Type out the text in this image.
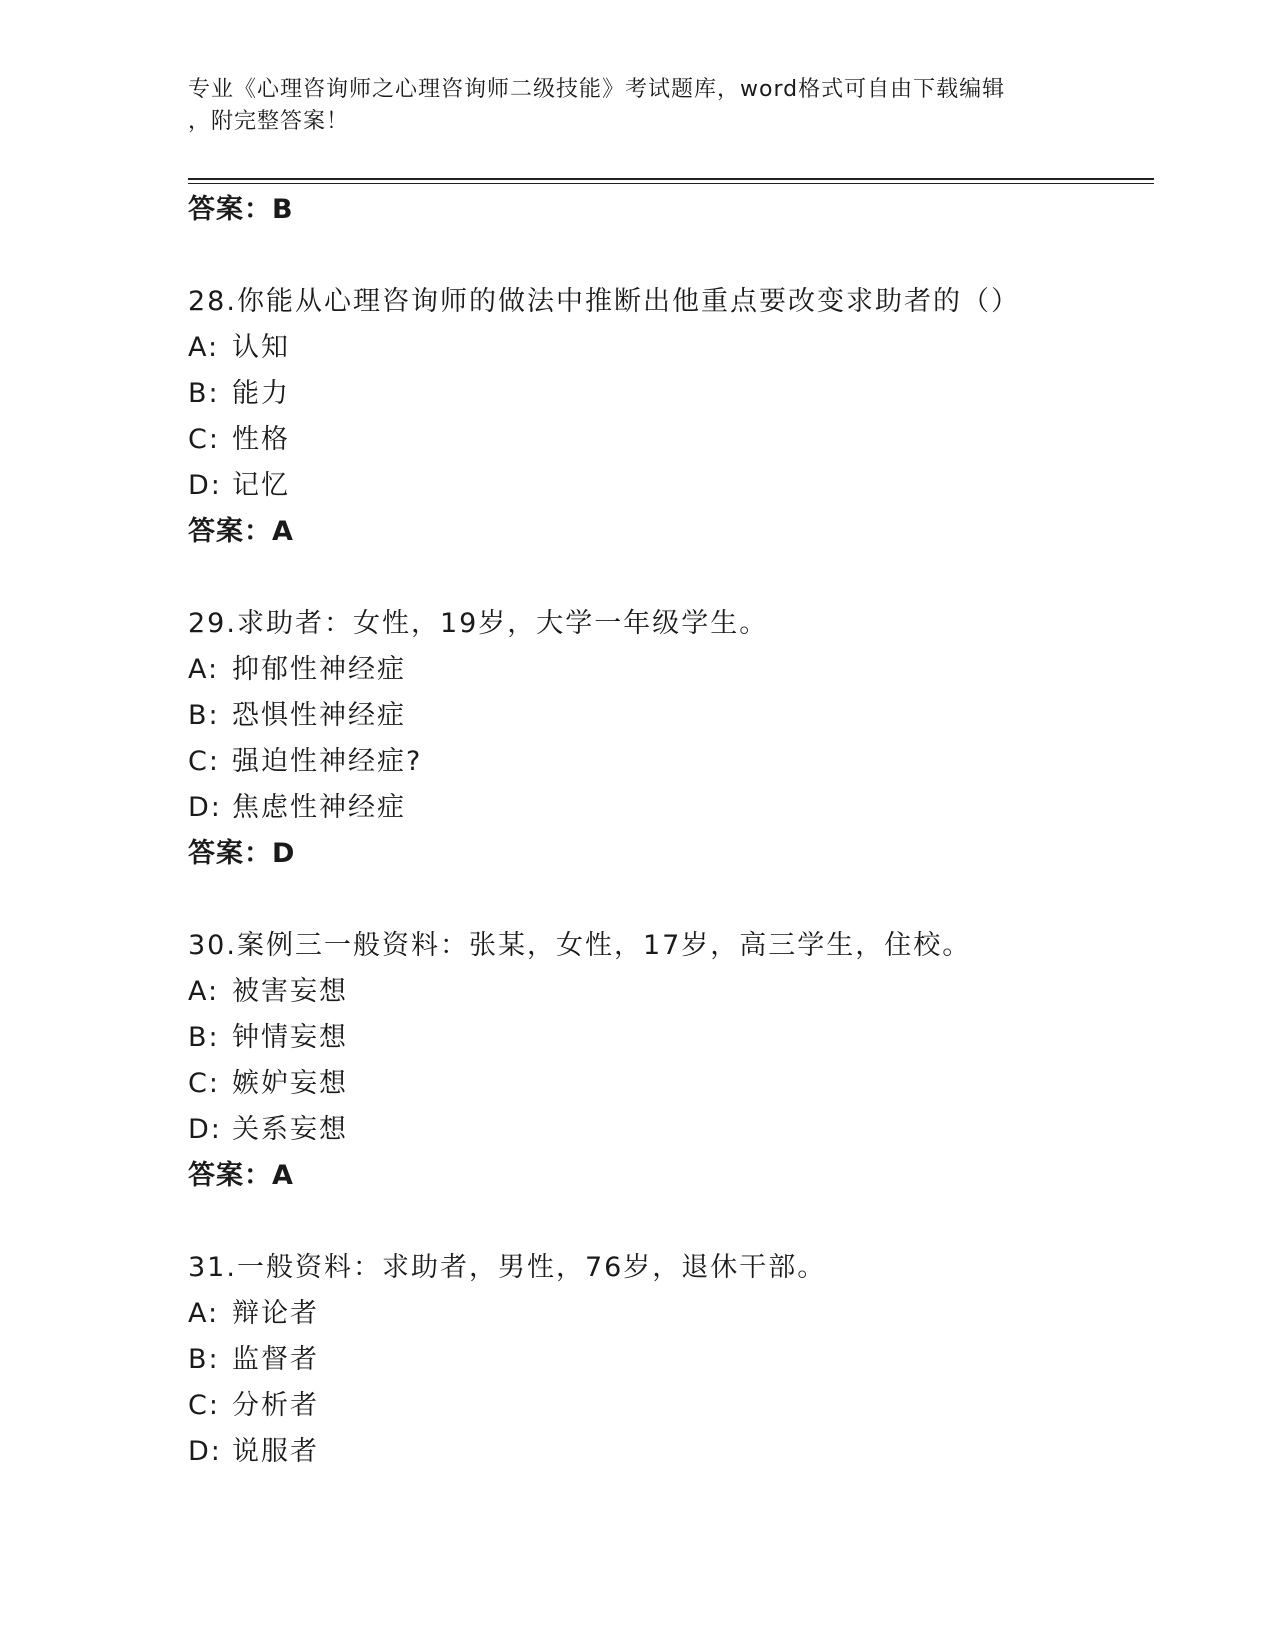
专业《心理咨询师之心理咨询师二级技能》考试题库，word格式可自由下载编辑
，附完整答案！
答案：B
28.你能从心理咨询师的做法中推断出他重点要改变求助者的（）
A: 认知
B: 能力
C: 性格
D: 记忆
答案：A
29.求助者：女性，19岁，大学一年级学生。
A: 抑郁性神经症
B: 恐惧性神经症
C: 强迫性神经症?
D: 焦虑性神经症
答案：D
30.案例三一般资料：张某，女性，17岁，高三学生，住校。
A: 被害妄想
B: 钟情妄想
C: 嫉妒妄想
D: 关系妄想
答案：A
31.一般资料：求助者，男性，76岁，退休干部。
A: 辩论者
B: 监督者
C: 分析者
D: 说服者
